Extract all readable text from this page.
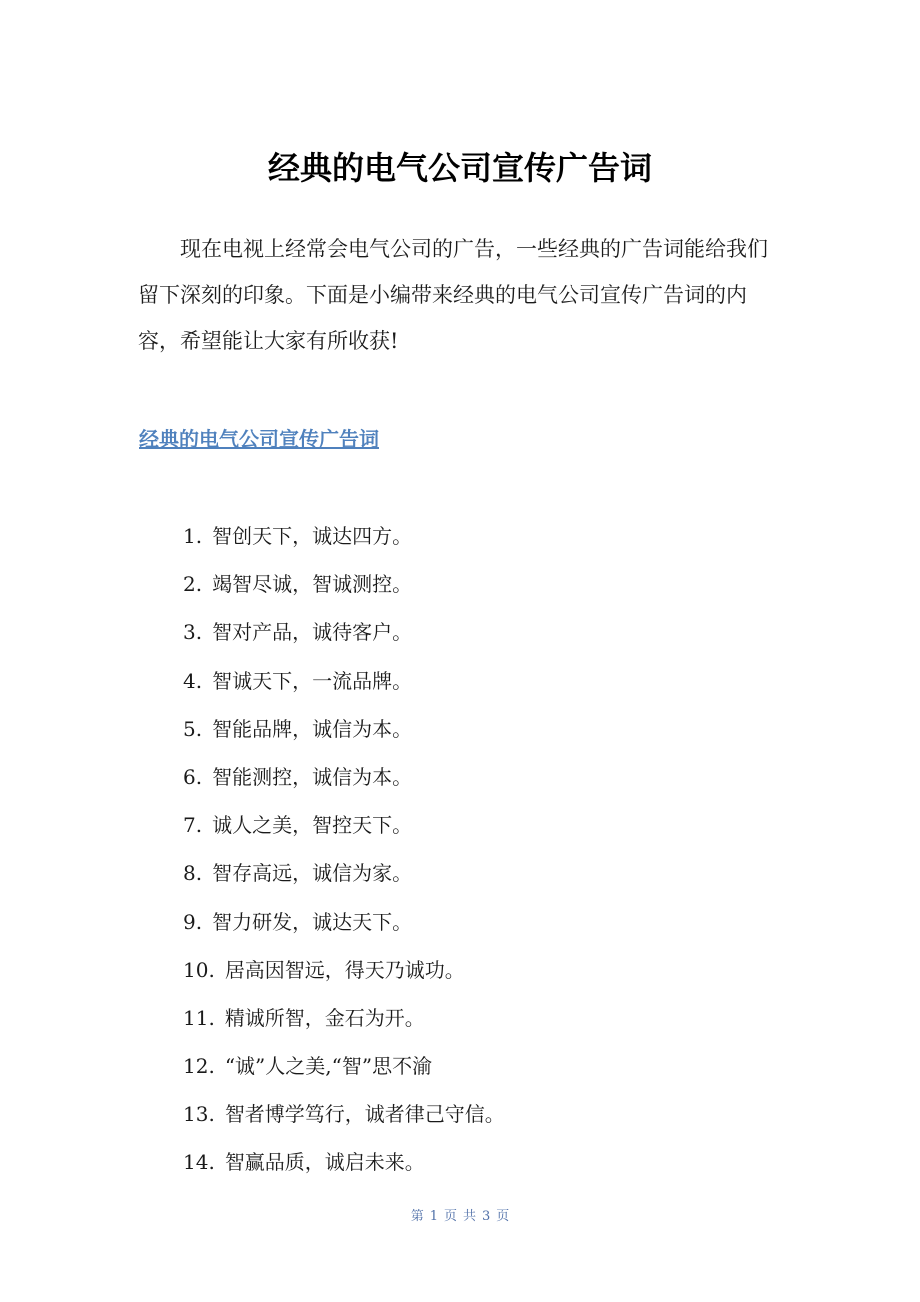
经典的电气公司宣传广告词

现在电视上经常会电气公司的广告，一些经典的广告词能给我们留下深刻的印象。下面是小编带来经典的电气公司宣传广告词的内容，希望能让大家有所收获!

经典的电气公司宣传广告词
1. 智创天下，诚达四方。
2. 竭智尽诚，智诚测控。
3. 智对产品，诚待客户。
4. 智诚天下，一流品牌。
5. 智能品牌，诚信为本。
6. 智能测控，诚信为本。
7. 诚人之美，智控天下。
8. 智存高远，诚信为家。
9. 智力研发，诚达天下。
10. 居高因智远，得天乃诚功。
11. 精诚所智，金石为开。
12. “诚”人之美,“智”思不渝
13. 智者博学笃行，诚者律己守信。
14. 智赢品质，诚启未来。
第 1 页 共 3 页
